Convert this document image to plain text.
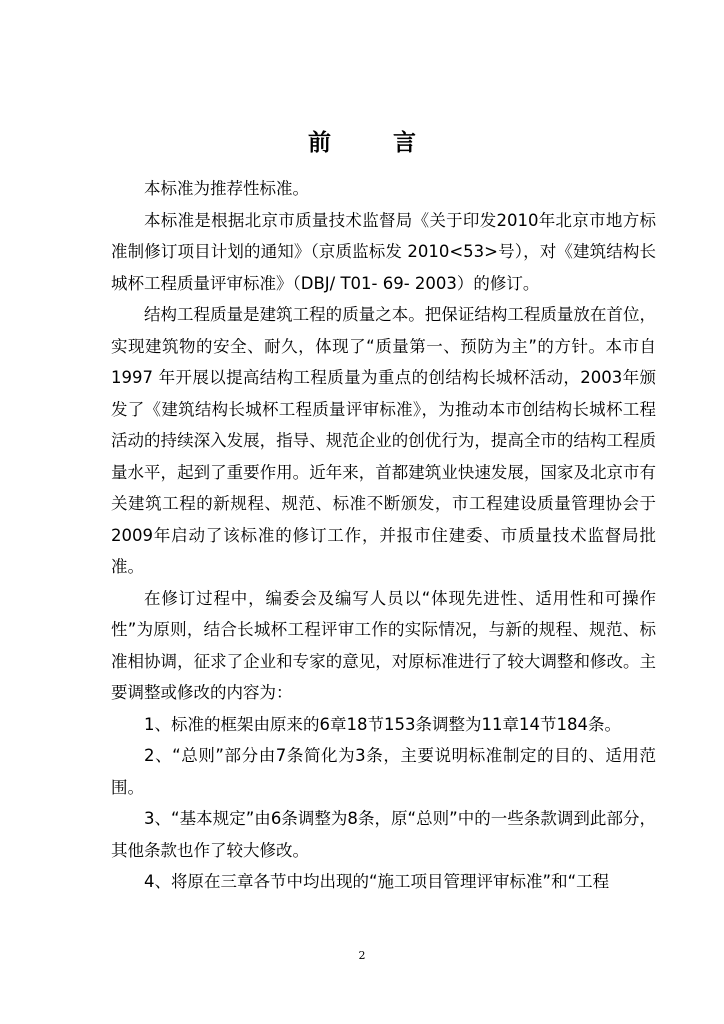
前言

本标准为推荐性标准。

本标准是根据北京市质量技术监督局《关于印发2010年北京市地方标准制修订项目计划的通知》（京质监标发 2010<53>号），对《建筑结构长城杯工程质量评审标准》（DBJ/ T01- 69- 2003）的修订。

结构工程质量是建筑工程的质量之本。把保证结构工程质量放在首位，实现建筑物的安全、耐久，体现了“质量第一、预防为主”的方针。本市自 1997 年开展以提高结构工程质量为重点的创结构长城杯活动，2003年颁发了《建筑结构长城杯工程质量评审标准》，为推动本市创结构长城杯工程活动的持续深入发展，指导、规范企业的创优行为，提高全市的结构工程质量水平，起到了重要作用。近年来，首都建筑业快速发展，国家及北京市有关建筑工程的新规程、规范、标准不断颁发，市工程建设质量管理协会于2009年启动了该标准的修订工作，并报市住建委、市质量技术监督局批准。

在修订过程中，编委会及编写人员以“体现先进性、适用性和可操作性”为原则，结合长城杯工程评审工作的实际情况，与新的规程、规范、标准相协调，征求了企业和专家的意见，对原标准进行了较大调整和修改。主要调整或修改的内容为：

1、标准的框架由原来的6章18节153条调整为11章14节184条。

2、“总则”部分由7条简化为3条，主要说明标准制定的目的、适用范围。

3、“基本规定”由6条调整为8条，原“总则”中的一些条款调到此部分，其他条款也作了较大修改。

4、将原在三章各节中均出现的“施工项目管理评审标准”和“工程

2
